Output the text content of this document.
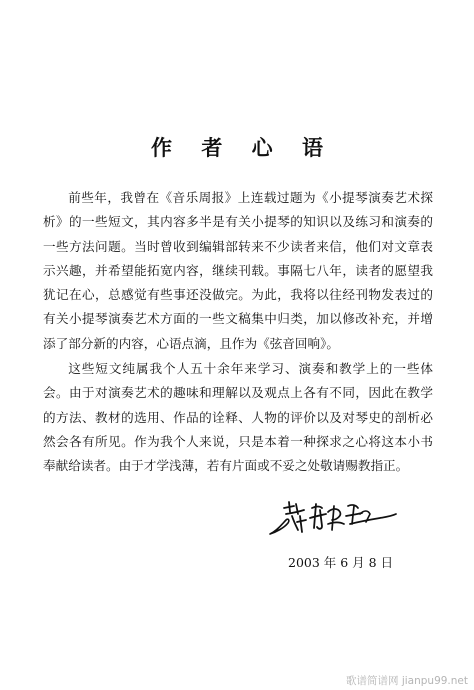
作 者 心 语

前些年，我曾在《音乐周报》上连载过题为《小提琴演奏艺术探析》的一些短文，其内容多半是有关小提琴的知识以及练习和演奏的一些方法问题。当时曾收到编辑部转来不少读者来信，他们对文章表示兴趣，并希望能拓宽内容，继续刊载。事隔七八年，读者的愿望我犹记在心，总感觉有些事还没做完。为此，我将以往经刊物发表过的有关小提琴演奏艺术方面的一些文稿集中归类，加以修改补充，并增添了部分新的内容，心语点滴，且作为《弦音回响》。

这些短文纯属我个人五十余年来学习、演奏和教学上的一些体会。由于对演奏艺术的趣味和理解以及观点上各有不同，因此在教学的方法、教材的选用、作品的诠释、人物的评价以及对琴史的剖析必然会各有所见。作为我个人来说，只是本着一种探求之心将这本小书奉献给读者。由于才学浅薄，若有片面或不妥之处敬请赐教指正。

2003 年 6 月 8 日
歌谱简谱网 jianpu99.net
